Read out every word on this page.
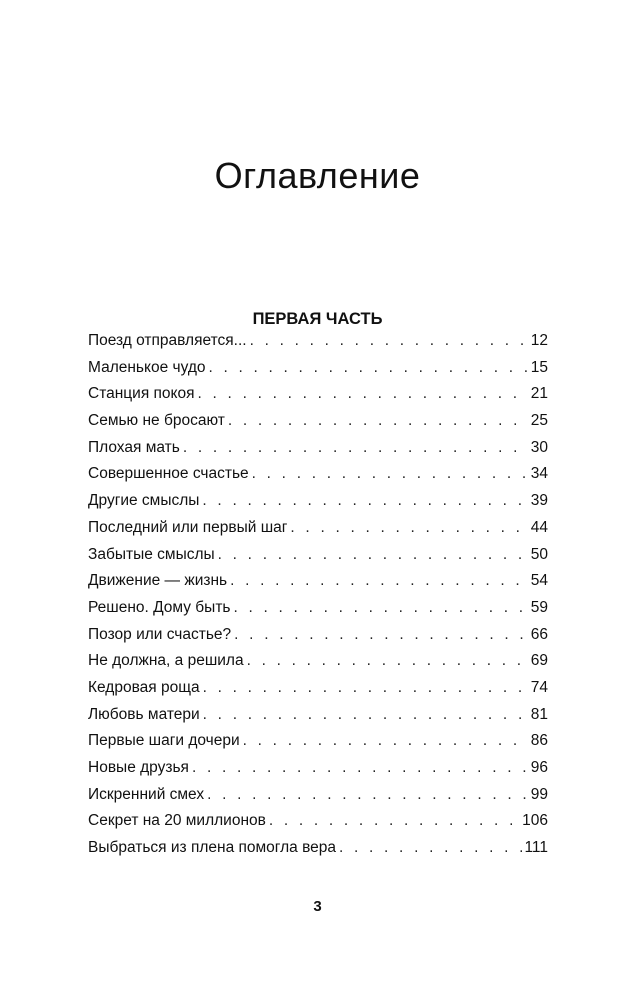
Оглавление
ПЕРВАЯ ЧАСТЬ
Поезд отправляется... . . .	12
Маленькое чудо . . .	15
Станция покоя . . .	21
Семью не бросают . . .	25
Плохая мать . . .	30
Совершенное счастье . . .	34
Другие смыслы . . .	39
Последний или первый шаг . . .	44
Забытые смыслы . . .	50
Движение — жизнь . . .	54
Решено. Дому быть . . .	59
Позор или счастье? . . .	66
Не должна, а решила . . .	69
Кедровая роща . . .	74
Любовь матери . . .	81
Первые шаги дочери . . .	86
Новые друзья . . .	96
Искренний смех . . .	99
Секрет на 20 миллионов . . .	106
Выбраться из плена помогла вера . . .	111
3
